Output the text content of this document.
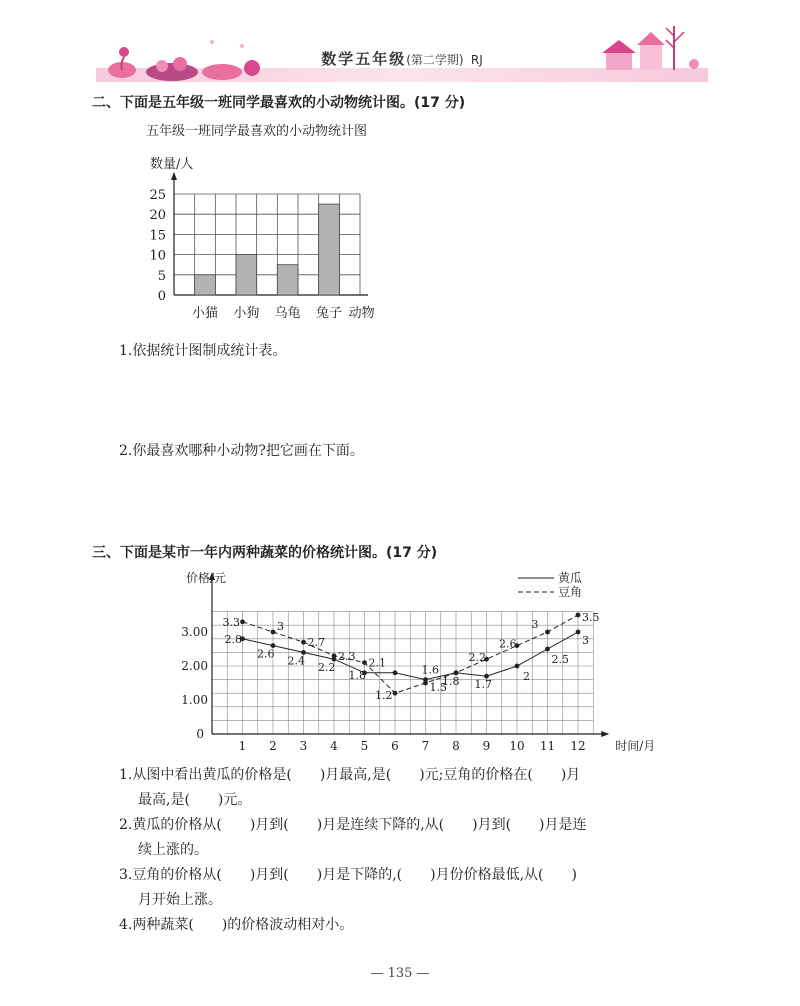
数学五年级(第二学期) RJ
二、下面是五年级一班同学最喜欢的小动物统计图。(17 分)
五年级一班同学最喜欢的小动物统计图
数量/人
0
5
10
15
20
25
小猫 小狗 乌龟 兔子 动物
1.依据统计图制成统计表。
2.你最喜欢哪种小动物?把它画在下面。
三、下面是某市一年内两种蔬菜的价格统计图。(17 分)
价格/元
1.00
2.00
3.00
0
1 2 3 4 5 6 7 8 9 10 11 12 时间/月
黄瓜
豆角
2.8
2.6
2.4
2.2
1.8	1.6
1.8 1.7
2
2.5
3
3.3	3
2.7
2.3
2.1
1.2
1.5
2.2
2.6
3
3.5
1.从图中看出黄瓜的价格是(　　)月最高,是(　　)元;豆角的价格在(　　)月
最高,是(　　)元。
2.黄瓜的价格从(　　)月到(　　)月是连续下降的,从(　　)月到(　　)月是连
续上涨的。
3.豆角的价格从(　　)月到(　　)月是下降的,(　　)月份价格最低,从(　　)
月开始上涨。
4.两种蔬菜(　　)的价格波动相对小。
— 135 —
